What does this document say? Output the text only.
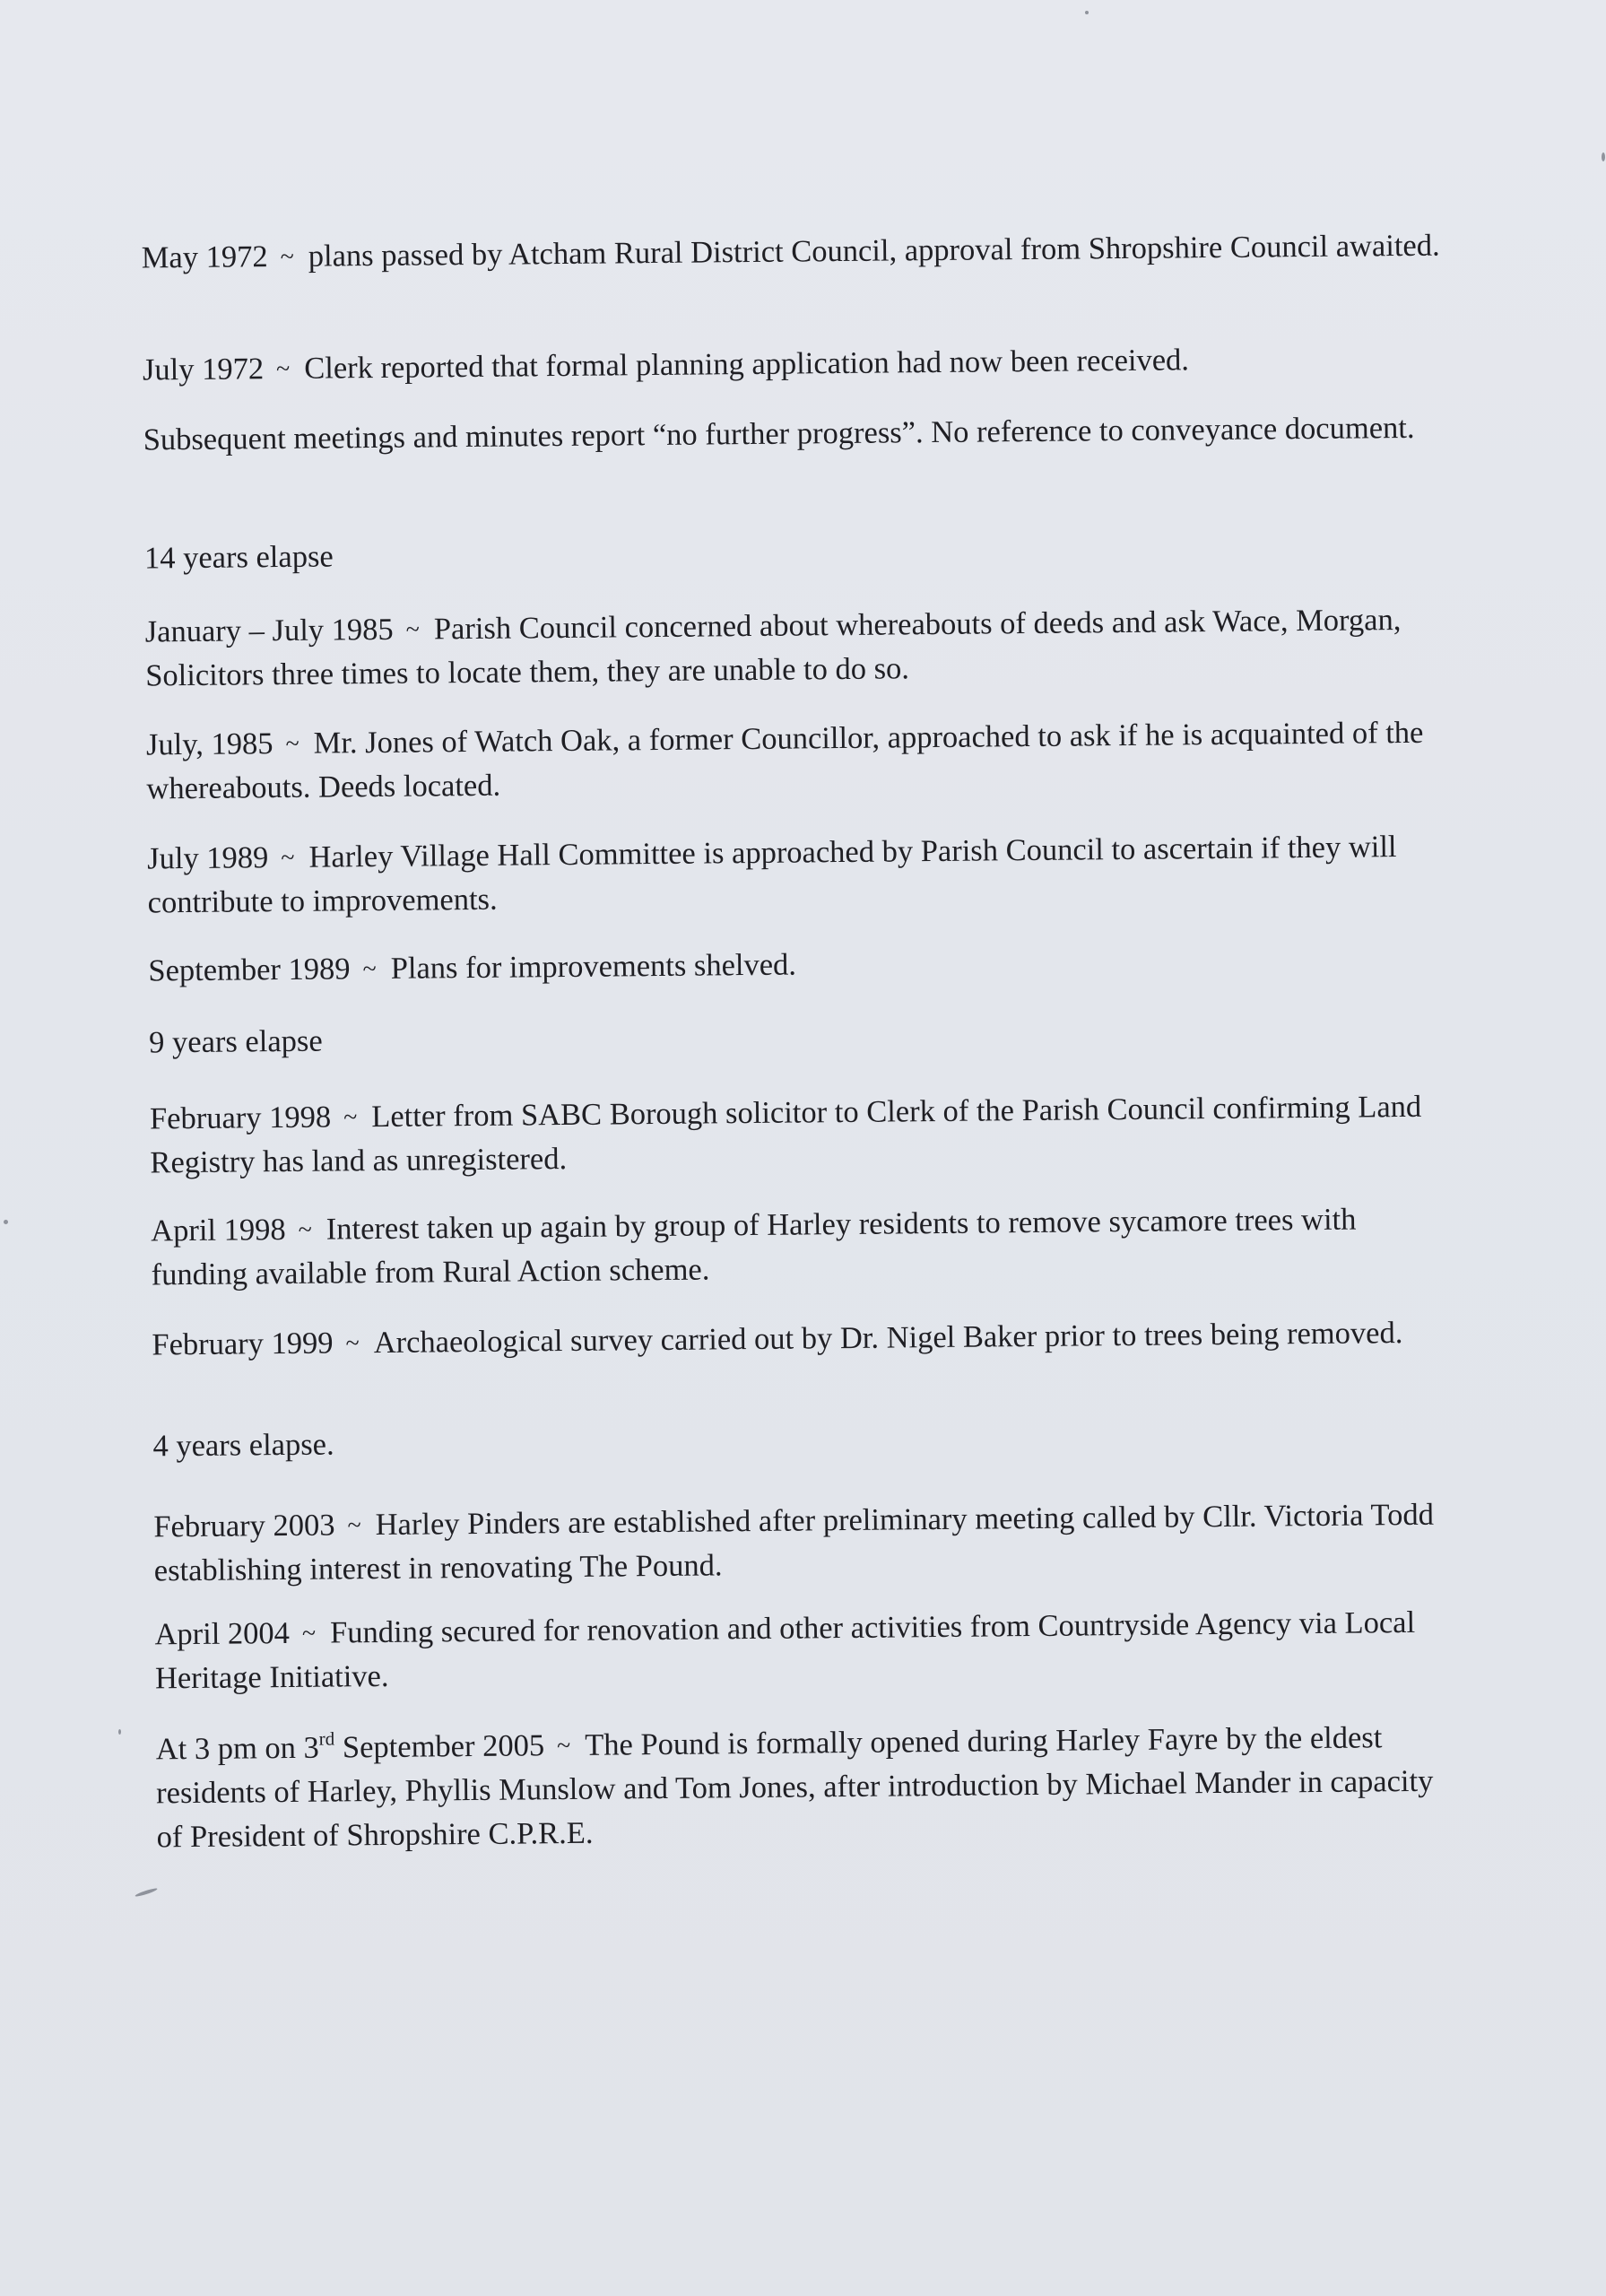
May 1972 ~ plans passed by Atcham Rural District Council, approval from Shropshire Council awaited.

July 1972 ~ Clerk reported that formal planning application had now been received.

Subsequent meetings and minutes report “no further progress”. No reference to conveyance document.

14 years elapse

January – July 1985 ~ Parish Council concerned about whereabouts of deeds and ask Wace, Morgan, Solicitors three times to locate them, they are unable to do so.

July, 1985 ~ Mr. Jones of Watch Oak, a former Councillor, approached to ask if he is acquainted of the whereabouts. Deeds located.

July 1989 ~ Harley Village Hall Committee is approached by Parish Council to ascertain if they will contribute to improvements.

September 1989 ~ Plans for improvements shelved.

9 years elapse

February 1998 ~ Letter from SABC Borough solicitor to Clerk of the Parish Council confirming Land Registry has land as unregistered.

April 1998 ~ Interest taken up again by group of Harley residents to remove sycamore trees with funding available from Rural Action scheme.

February 1999 ~ Archaeological survey carried out by Dr. Nigel Baker prior to trees being removed.

4 years elapse.

February 2003 ~ Harley Pinders are established after preliminary meeting called by Cllr. Victoria Todd establishing interest in renovating The Pound.

April 2004 ~ Funding secured for renovation and other activities from Countryside Agency via Local Heritage Initiative.

At 3 pm on 3rd September 2005 ~ The Pound is formally opened during Harley Fayre by the eldest residents of Harley, Phyllis Munslow and Tom Jones, after introduction by Michael Mander in capacity of President of Shropshire C.P.R.E.
